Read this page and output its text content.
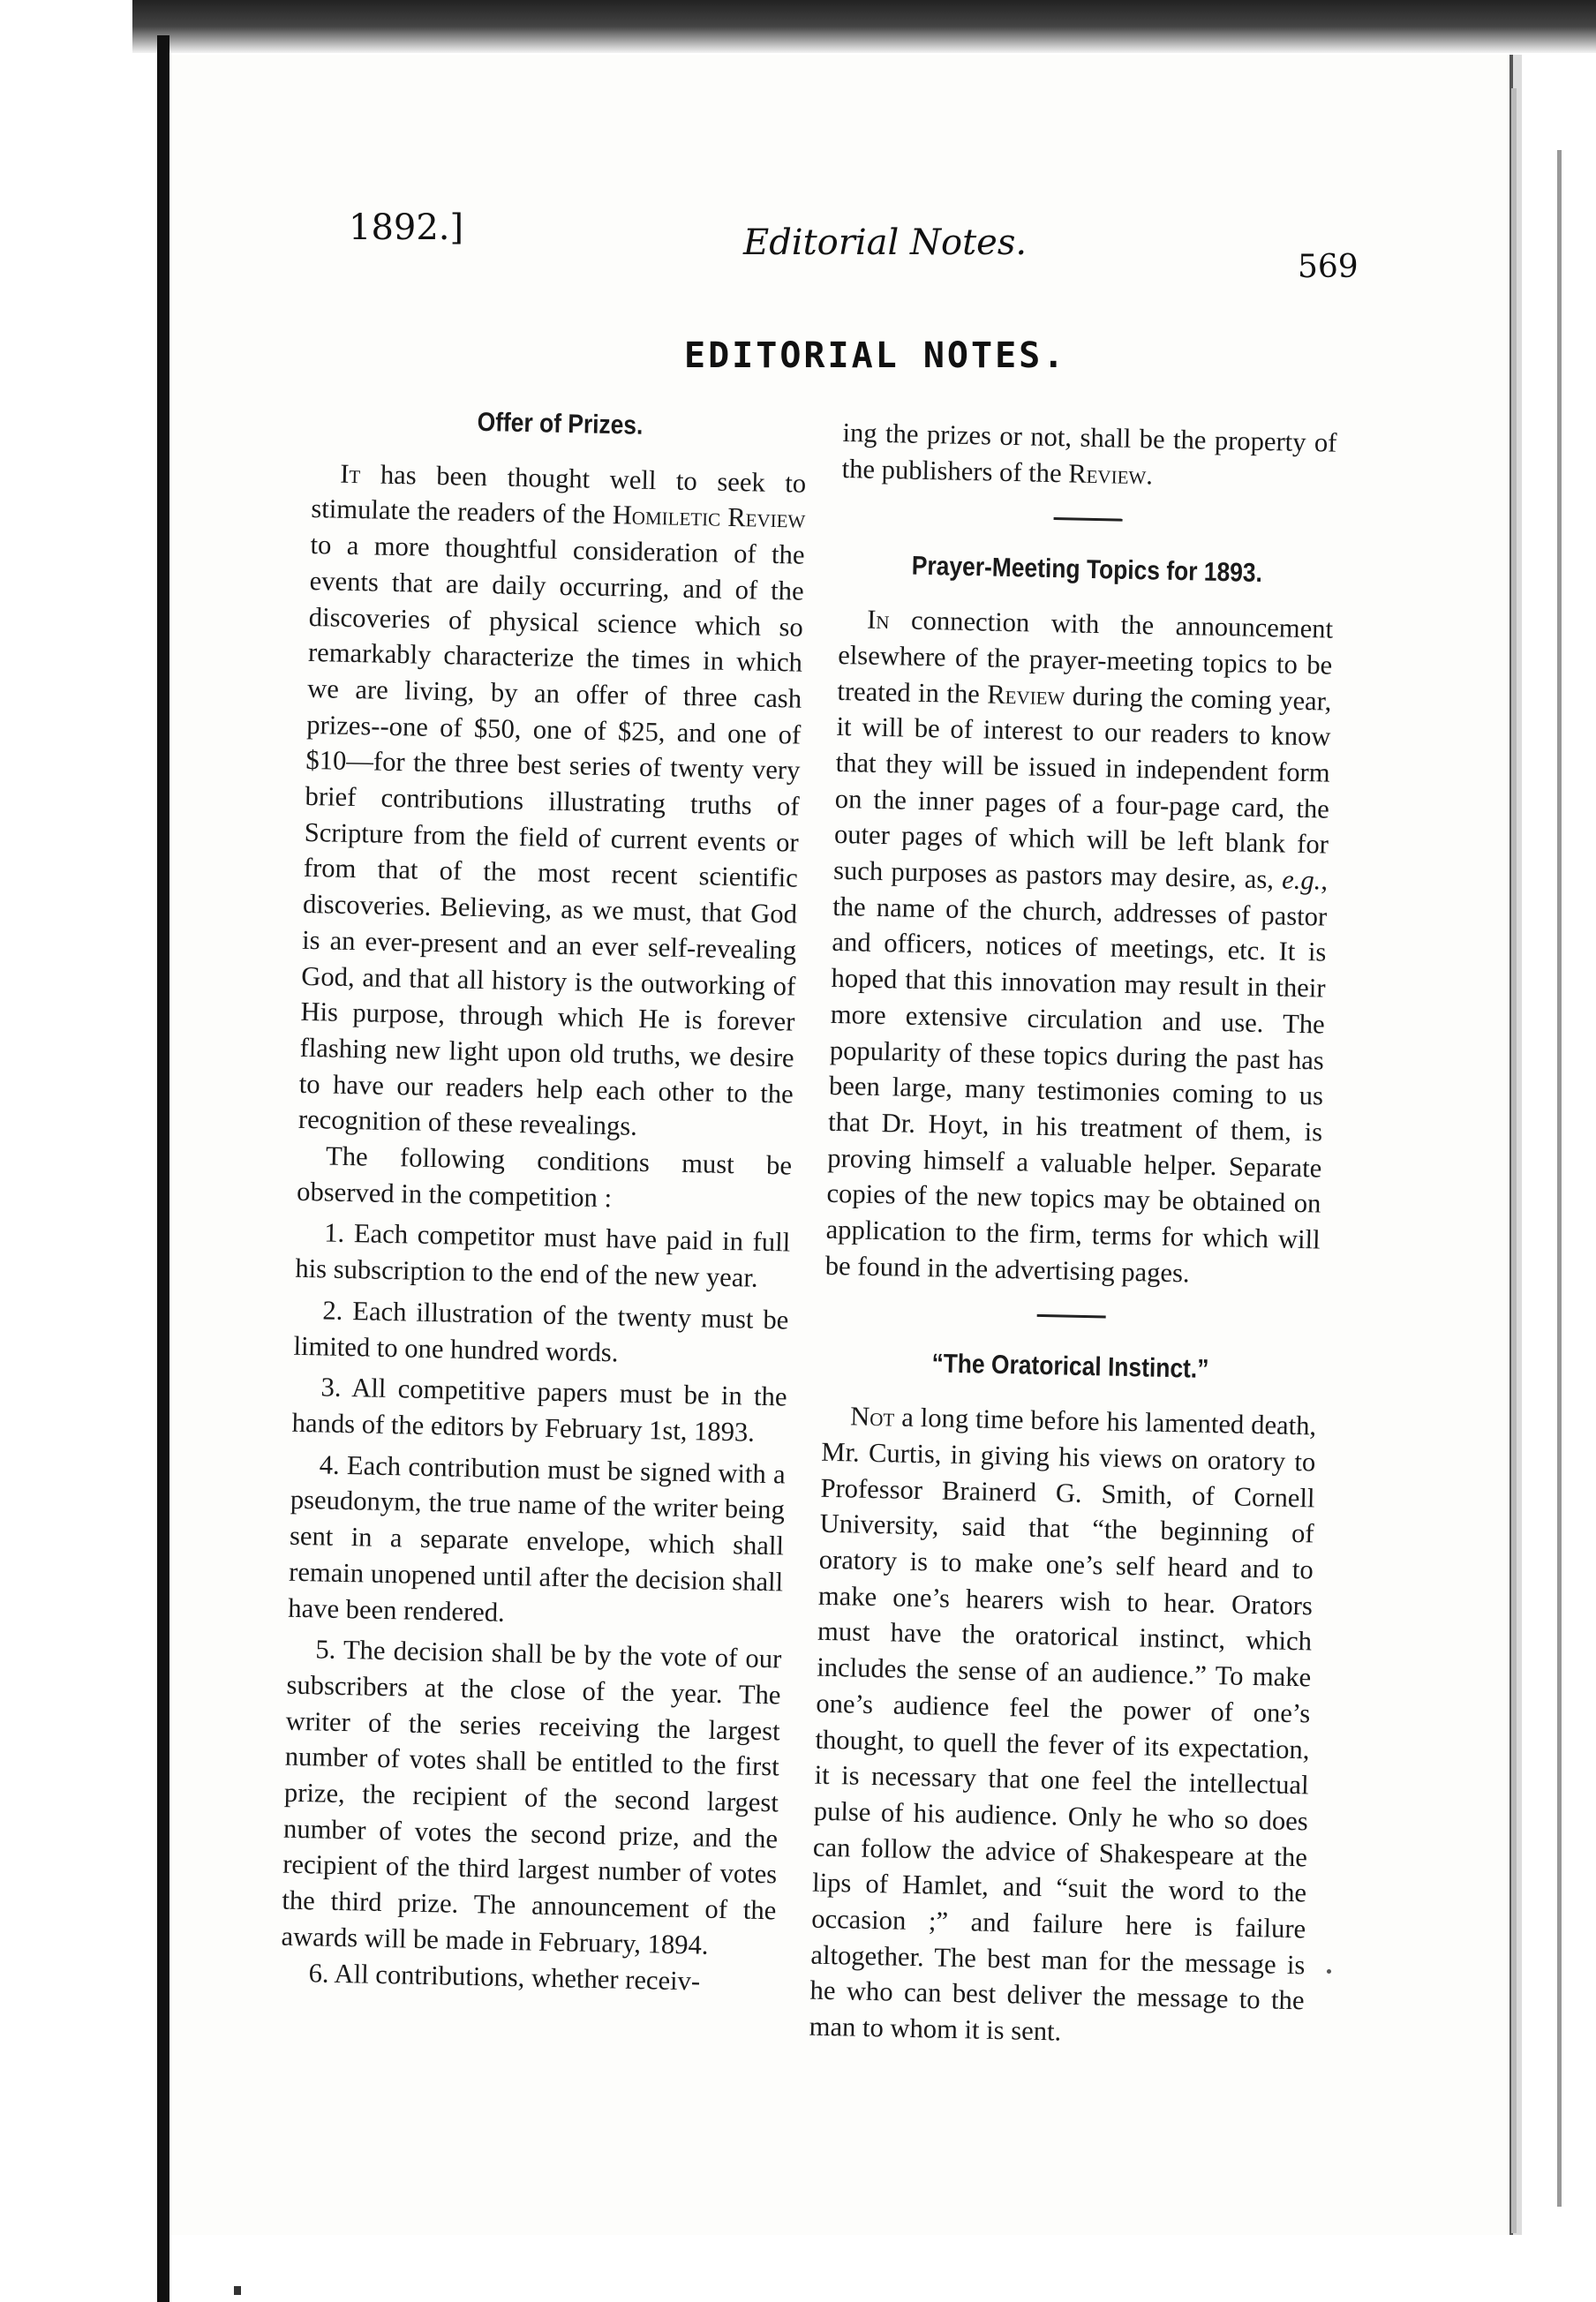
1892.]	Editorial Notes.
569
EDITORIAL NOTES.
Offer of Prizes.

It has been thought well to seek to stimulate the readers of the Homiletic Review to a more thoughtful consideration of the events that are daily occurring, and of the discoveries of physical science which so remarkably characterize the times in which we are living, by an offer of three cash prizes--one of $50, one of $25, and one of $10—for the three best series of twenty very brief contributions illustrating truths of Scripture from the field of current events or from that of the most recent scientific discoveries. Believing, as we must, that God is an ever-present and an ever self-revealing God, and that all history is the outworking of His purpose, through which He is forever flashing new light upon old truths, we desire to have our readers help each other to the recognition of these revealings.

The following conditions must be observed in the competition :

1. Each competitor must have paid in full his subscription to the end of the new year.

2. Each illustration of the twenty must be limited to one hundred words.

3. All competitive papers must be in the hands of the editors by February 1st, 1893.

4. Each contribution must be signed with a pseudonym, the true name of the writer being sent in a separate envelope, which shall remain unopened until after the decision shall have been rendered.

5. The decision shall be by the vote of our subscribers at the close of the year. The writer of the series receiving the largest number of votes shall be entitled to the first prize, the recipient of the second largest number of votes the second prize, and the recipient of the third largest number of votes the third prize. The announcement of the awards will be made in February, 1894.

6. All contributions, whether receiv-

ing the prizes or not, shall be the property of the publishers of the Review.

Prayer-Meeting Topics for 1893.

In connection with the announcement elsewhere of the prayer-meeting topics to be treated in the Review during the coming year, it will be of interest to our readers to know that they will be issued in independent form on the inner pages of a four-page card, the outer pages of which will be left blank for such purposes as pastors may desire, as, e.g., the name of the church, addresses of pastor and officers, notices of meetings, etc. It is hoped that this innovation may result in their more extensive circulation and use. The popularity of these topics during the past has been large, many testimonies coming to us that Dr. Hoyt, in his treatment of them, is proving himself a valuable helper. Separate copies of the new topics may be obtained on application to the firm, terms for which will be found in the advertising pages.

“The Oratorical Instinct.”

Not a long time before his lamented death, Mr. Curtis, in giving his views on oratory to Professor Brainerd G. Smith, of Cornell University, said that “the beginning of oratory is to make one’s self heard and to make one’s hearers wish to hear. Orators must have the oratorical instinct, which includes the sense of an audience.” To make one’s audience feel the power of one’s thought, to quell the fever of its expectation, it is necessary that one feel the intellectual pulse of his audience. Only he who so does can follow the advice of Shakespeare at the lips of Hamlet, and “suit the word to the occasion ;” and failure here is failure altogether. The best man for the message is he who can best deliver the message to the man to whom it is sent.
